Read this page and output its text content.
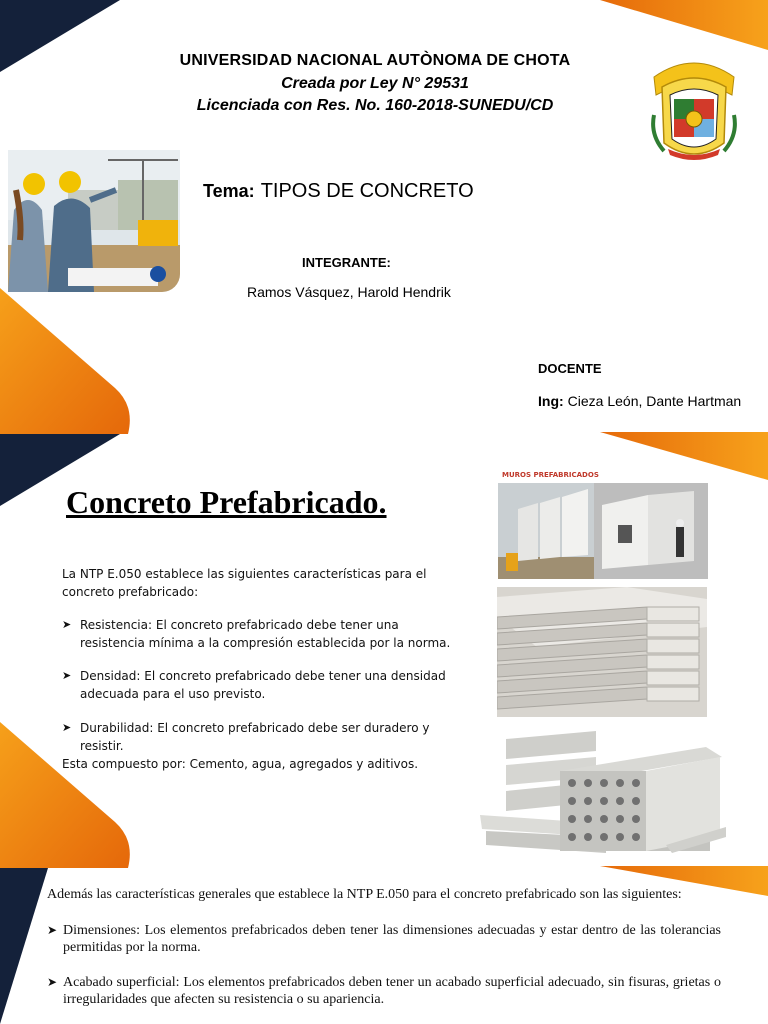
UNIVERSIDAD NACIONAL AUTÒNOMA DE CHOTA
Creada por Ley N° 29531
Licenciada con Res. No. 160-2018-SUNEDU/CD
Tema: TIPOS DE CONCRETO
INTEGRANTE:
Ramos Vásquez, Harold Hendrik
DOCENTE
Ing: Cieza León, Dante Hartman
Concreto Prefabricado.
La NTP E.050 establece las siguientes características para el concreto prefabricado:
➤ Resistencia: El concreto prefabricado debe tener una resistencia mínima a la compresión establecida por la norma.
➤ Densidad: El concreto prefabricado debe tener una densidad adecuada para el uso previsto.
➤ Durabilidad: El concreto prefabricado debe ser duradero y resistir.
Esta compuesto por: Cemento, agua, agregados y aditivos.
MUROS PREFABRICADOS
Además las características generales que establece la NTP E.050 para el concreto prefabricado son las siguientes:
➤ Dimensiones: Los elementos prefabricados deben tener las dimensiones adecuadas y estar dentro de las tolerancias permitidas por la norma.
➤ Acabado superficial: Los elementos prefabricados deben tener un acabado superficial adecuado, sin fisuras, grietas o irregularidades que afecten su resistencia o su apariencia.
